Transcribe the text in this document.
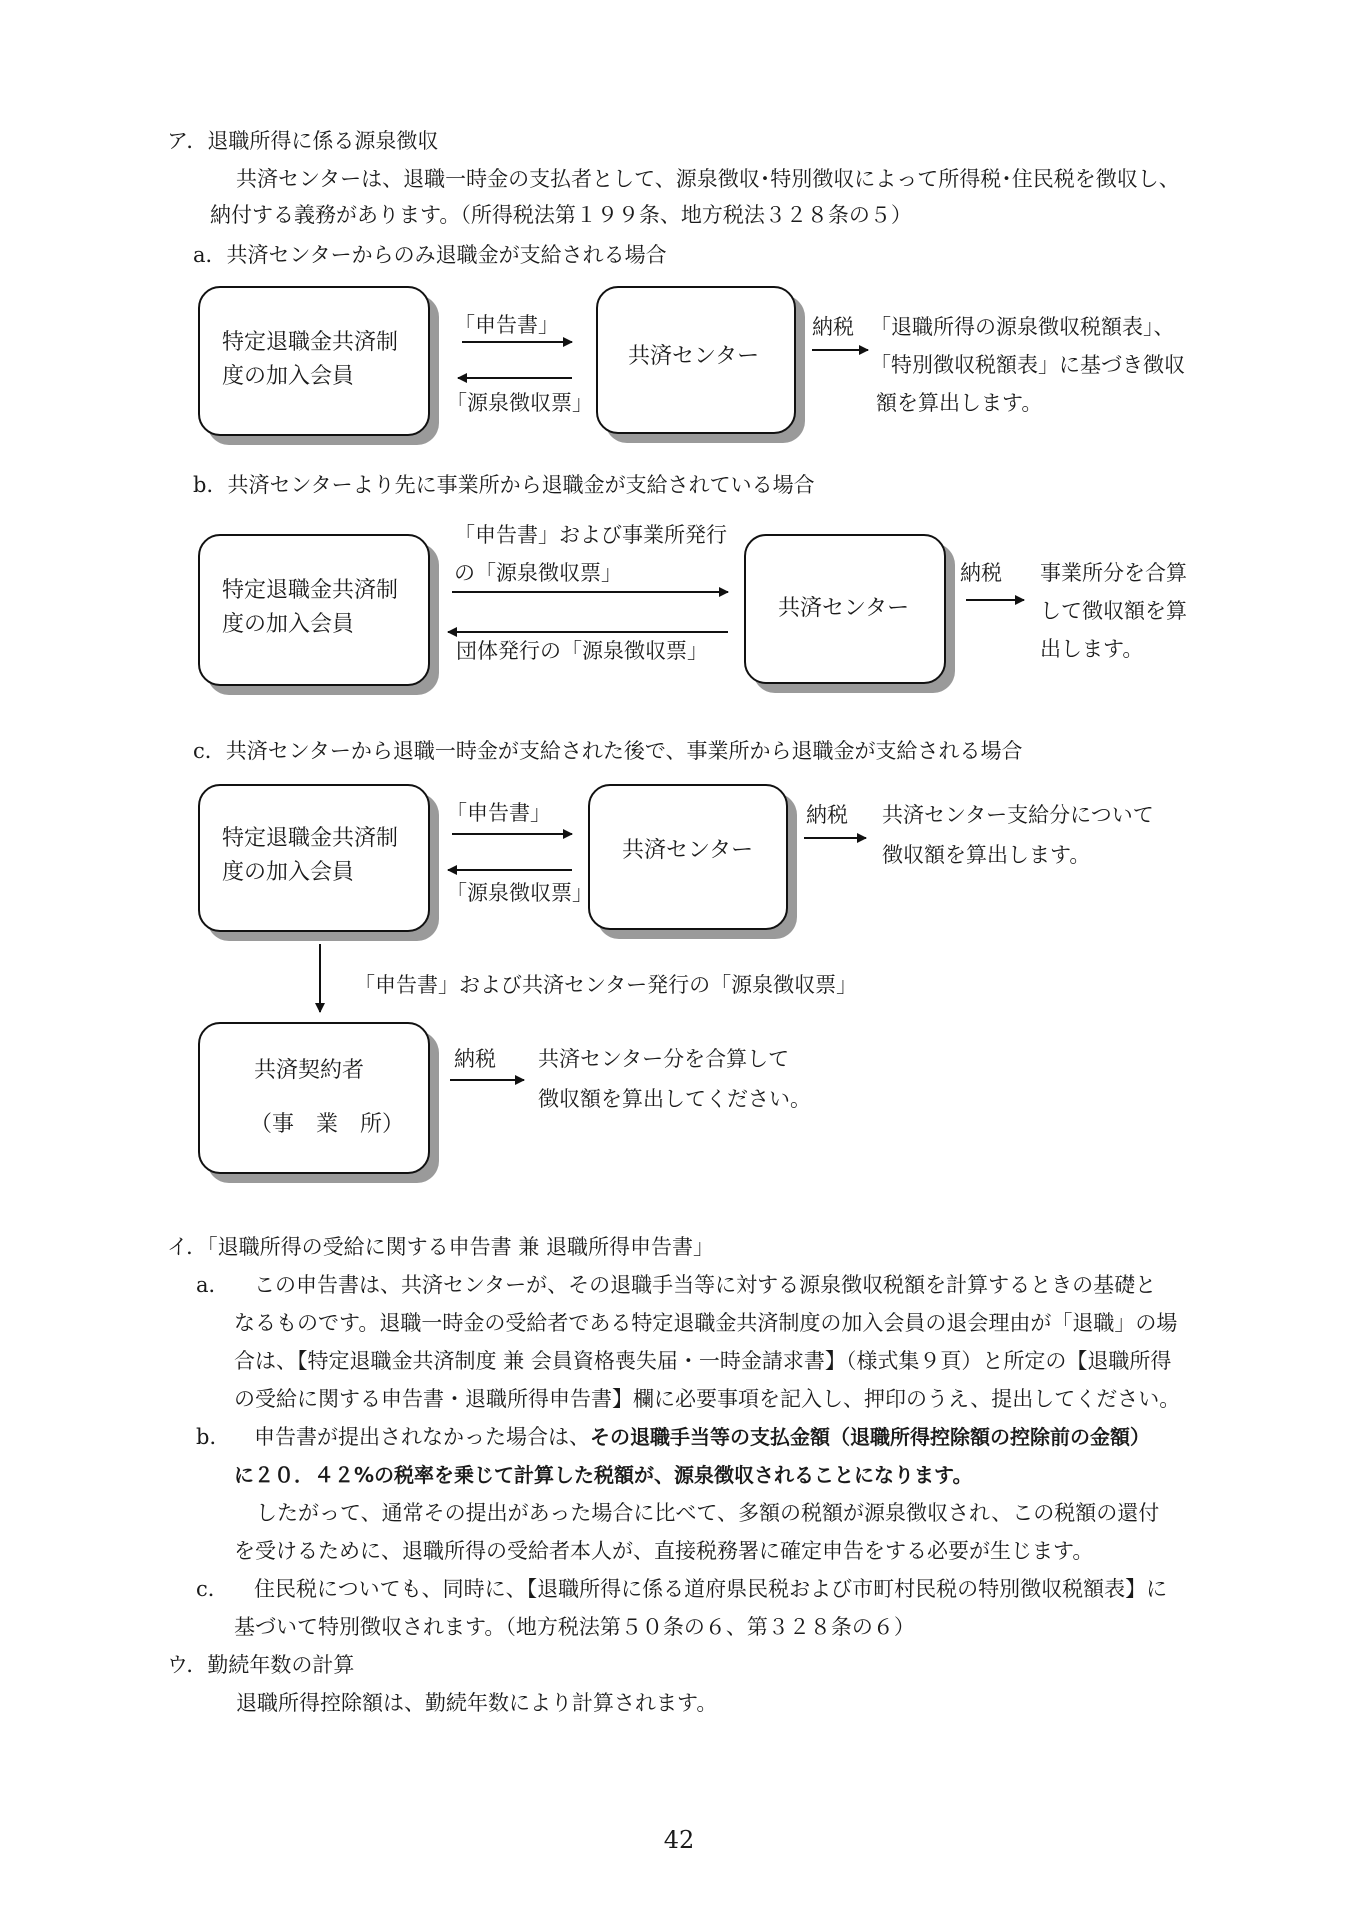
ア．退職所得に係る源泉徴収
共済センターは、退職一時金の支払者として、源泉徴収･特別徴収によって所得税･住民税を徴収し、
納付する義務があります。（所得税法第１９９条、地方税法３２８条の５）
a．共済センターからのみ退職金が支給される場合
特定退職金共済制
度の加入会員
共済センター
「申告書」
「源泉徴収票」
納税 「退職所得の源泉徴収税額表」、
「特別徴収税額表」に基づき徴収
額を算出します。
b．共済センターより先に事業所から退職金が支給されている場合
特定退職金共済制
度の加入会員
共済センター
「申告書」および事業所発行
の「源泉徴収票」
団体発行の「源泉徴収票」
納税 事業所分を合算
して徴収額を算
出します。
c．共済センターから退職一時金が支給された後で、事業所から退職金が支給される場合
特定退職金共済制
度の加入会員
共済センター
「申告書」
「源泉徴収票」
納税 共済センター支給分について
徴収額を算出します。
「申告書」および共済センター発行の「源泉徴収票」
共済契約者
（事　業　所）
納税 共済センター分を合算して
徴収額を算出してください。
イ．「退職所得の受給に関する申告書 兼 退職所得申告書」
a． この申告書は、共済センターが、その退職手当等に対する源泉徴収税額を計算するときの基礎と
なるものです。退職一時金の受給者である特定退職金共済制度の加入会員の退会理由が「退職」の場
合は、【特定退職金共済制度 兼 会員資格喪失届・一時金請求書】（様式集９頁）と所定の【退職所得
の受給に関する申告書・退職所得申告書】欄に必要事項を記入し、押印のうえ、提出してください。
b． 申告書が提出されなかった場合は、その退職手当等の支払金額（退職所得控除額の控除前の金額）
に２０．４２%の税率を乗じて計算した税額が、源泉徴収されることになります。
したがって、通常その提出があった場合に比べて、多額の税額が源泉徴収され、この税額の還付
を受けるために、退職所得の受給者本人が、直接税務署に確定申告をする必要が生じます。
c． 住民税についても、同時に、【退職所得に係る道府県民税および市町村民税の特別徴収税額表】に
基づいて特別徴収されます。（地方税法第５０条の６、第３２８条の６）
ウ．勤続年数の計算
退職所得控除額は、勤続年数により計算されます。
42
